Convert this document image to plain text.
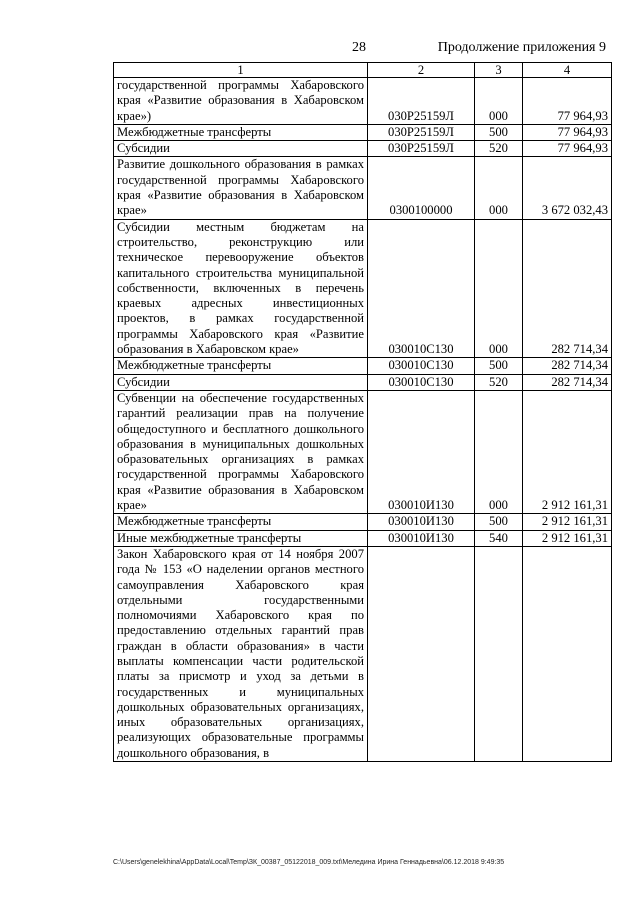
28	Продолжение приложения 9
1	2	3	4
государственной программы Хабаровского края «Развитие образования в Хабаровском крае»)	030Р25159Л	000	77 964,93
Межбюджетные трансферты	030Р25159Л	500	77 964,93
Субсидии	030Р25159Л	520	77 964,93
Развитие дошкольного образования в рамках государственной программы Хабаровского края «Развитие образования в Хабаровском крае»	0300100000	000	3 672 032,43
Субсидии местным бюджетам на строительство, реконструкцию или техническое перевооружение объектов капитального строительства муниципальной собственности, включенных в перечень краевых адресных инвестиционных проектов, в рамках государственной программы Хабаровского края «Развитие образования в Хабаровском крае»	030010С130	000	282 714,34
Межбюджетные трансферты	030010С130	500	282 714,34
Субсидии	030010С130	520	282 714,34
Субвенции на обеспечение государственных гарантий реализации прав на получение общедоступного и бесплатного дошкольного образования в муниципальных дошкольных образовательных организациях в рамках государственной программы Хабаровского края «Развитие образования в Хабаровском крае»	030010И130	000	2 912 161,31
Межбюджетные трансферты	030010И130	500	2 912 161,31
Иные межбюджетные трансферты	030010И130	540	2 912 161,31
Закон Хабаровского края от 14 ноября 2007 года № 153 «О наделении органов местного самоуправления Хабаровского края отдельными государственными полномочиями Хабаровского края по предоставлению отдельных гарантий прав граждан в области образования» в части выплаты компенсации части родительской платы за присмотр и уход за детьми в государственных и муниципальных дошкольных образовательных организациях, иных образовательных организациях, реализующих образовательные программы дошкольного образования, в			
C:\Users\genelekhina\AppData\Local\Temp\ЗК_00387_05122018_009.txt\Меледина Ирина Геннадьевна\06.12.2018 9:49:35
